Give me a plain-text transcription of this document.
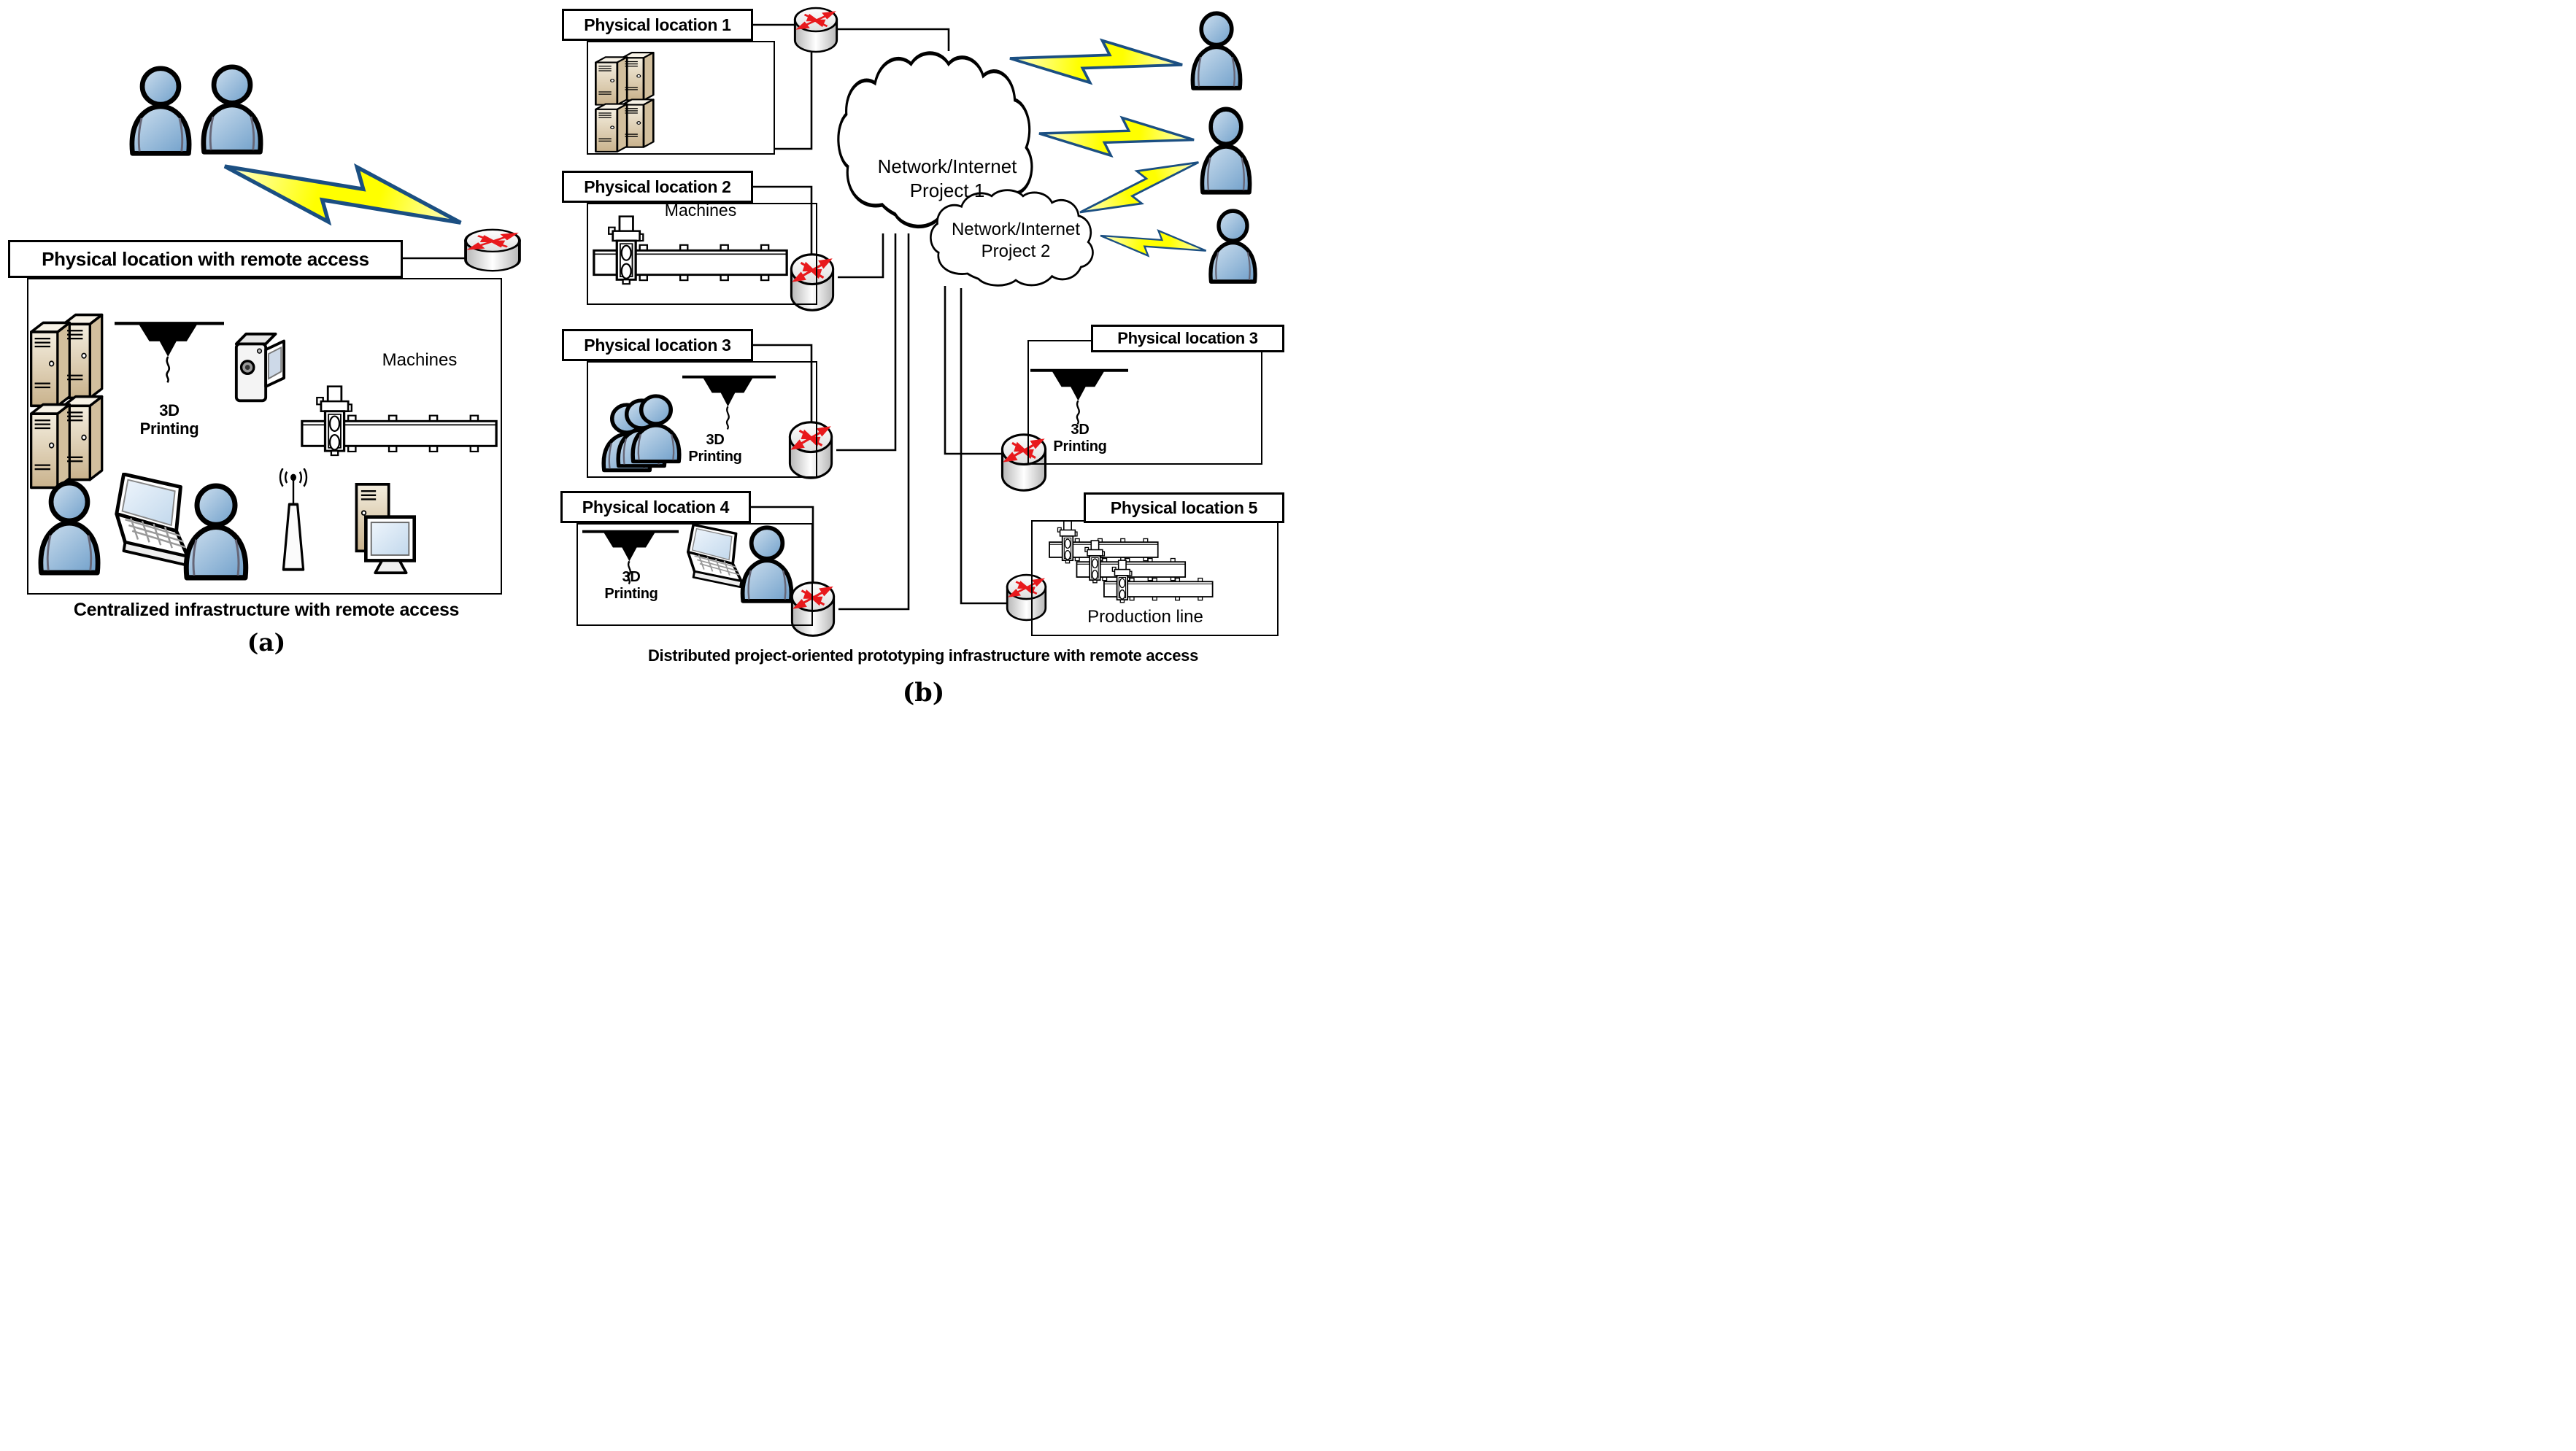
Physical location with remote access
3D
Printing
Machines
Centralized infrastructure with remote access
(a)
Physical location 1
Physical location 2
Machines
Physical location 3
3D
Printing
Physical location 4
3D
Printing
Physical location 3
3D
Printing
Physical location 5
Production line
Network/Internet
Project 1
Network/Internet
Project 2
Distributed project-oriented prototyping infrastructure with remote access
(b)
